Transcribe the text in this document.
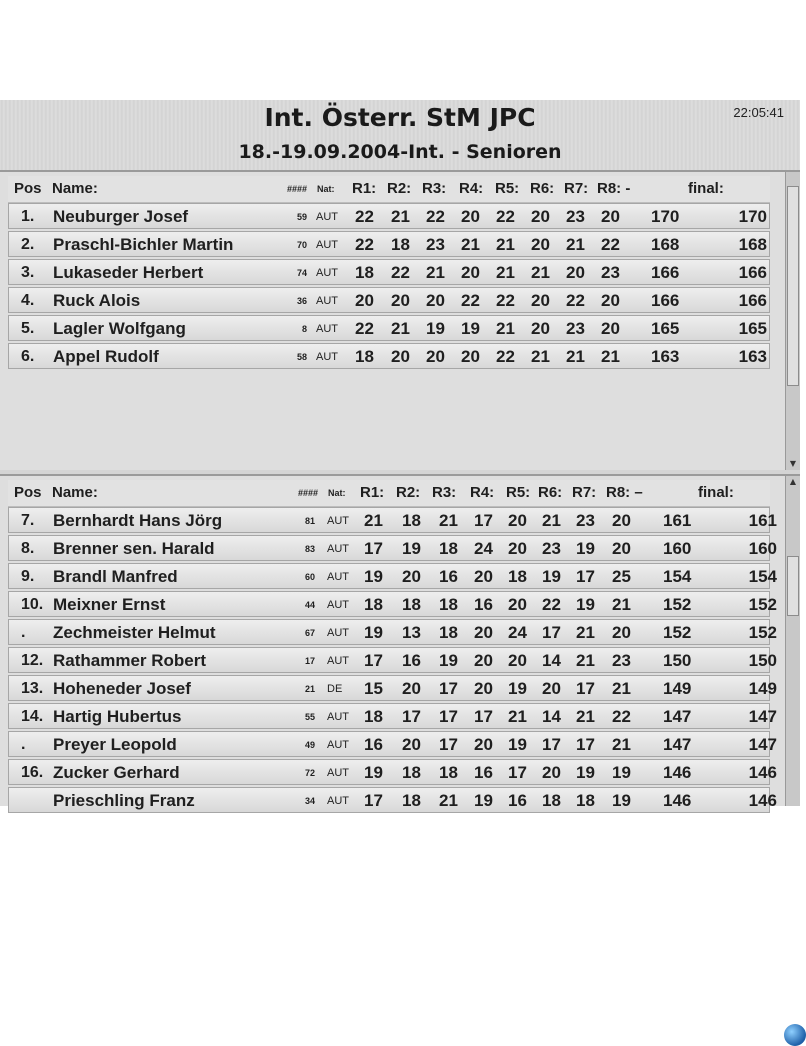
Int. Österr. StM JPC
18.-19.09.2004-Int. - Senioren
22:05:41
Pos Name:	#### Nat: R1: R2: R3: R4: R5: R6: R7: R8: -	final:
1. Neuburger Josef	59 AUT 22 21 22 20 22 20 23 20 170	170
2. Praschl-Bichler Martin	70 AUT 22 18 23 21 21 20 21 22 168	168
3. Lukaseder Herbert	74 AUT 18 22 21 20 21 21 20 23 166	166
4. Ruck Alois	36 AUT 20 20 20 22 22 20 22 20 166	166
5. Lagler Wolfgang	8 AUT 22 21 19 19 21 20 23 20 165	165
6. Appel Rudolf	58 AUT 18 20 20 20 22 21 21 21 163	163
▼
Pos Name:	#### Nat: R1: R2: R3: R4: R5: R6: R7: R8: –	final:
7. Bernhardt Hans Jörg	81 AUT 21 18 21 17 20 21 23 20 161	161
8. Brenner sen. Harald	83 AUT 17 19 18 24 20 23 19 20 160	160
9. Brandl Manfred	60 AUT 19 20 16 20 18 19 17 25 154	154
10. Meixner Ernst	44 AUT 18 18 18 16 20 22 19 21 152	152
. Zechmeister Helmut	67 AUT 19 13 18 20 24 17 21 20 152	152
12. Rathammer Robert	17 AUT 17 16 19 20 20 14 21 23 150	150
13. Hoheneder Josef	21 DE 15 20 17 20 19 20 17 21 149	149
14. Hartig Hubertus	55 AUT 18 17 17 17 21 14 21 22 147	147
. Preyer Leopold	49 AUT 16 20 17 20 19 17 17 21 147	147
16. Zucker Gerhard	72 AUT 19 18 18 16 17 20 19 19 146	146
Prieschling Franz	34 AUT 17 18 21 19 16 18 18 19 146	146
▲
